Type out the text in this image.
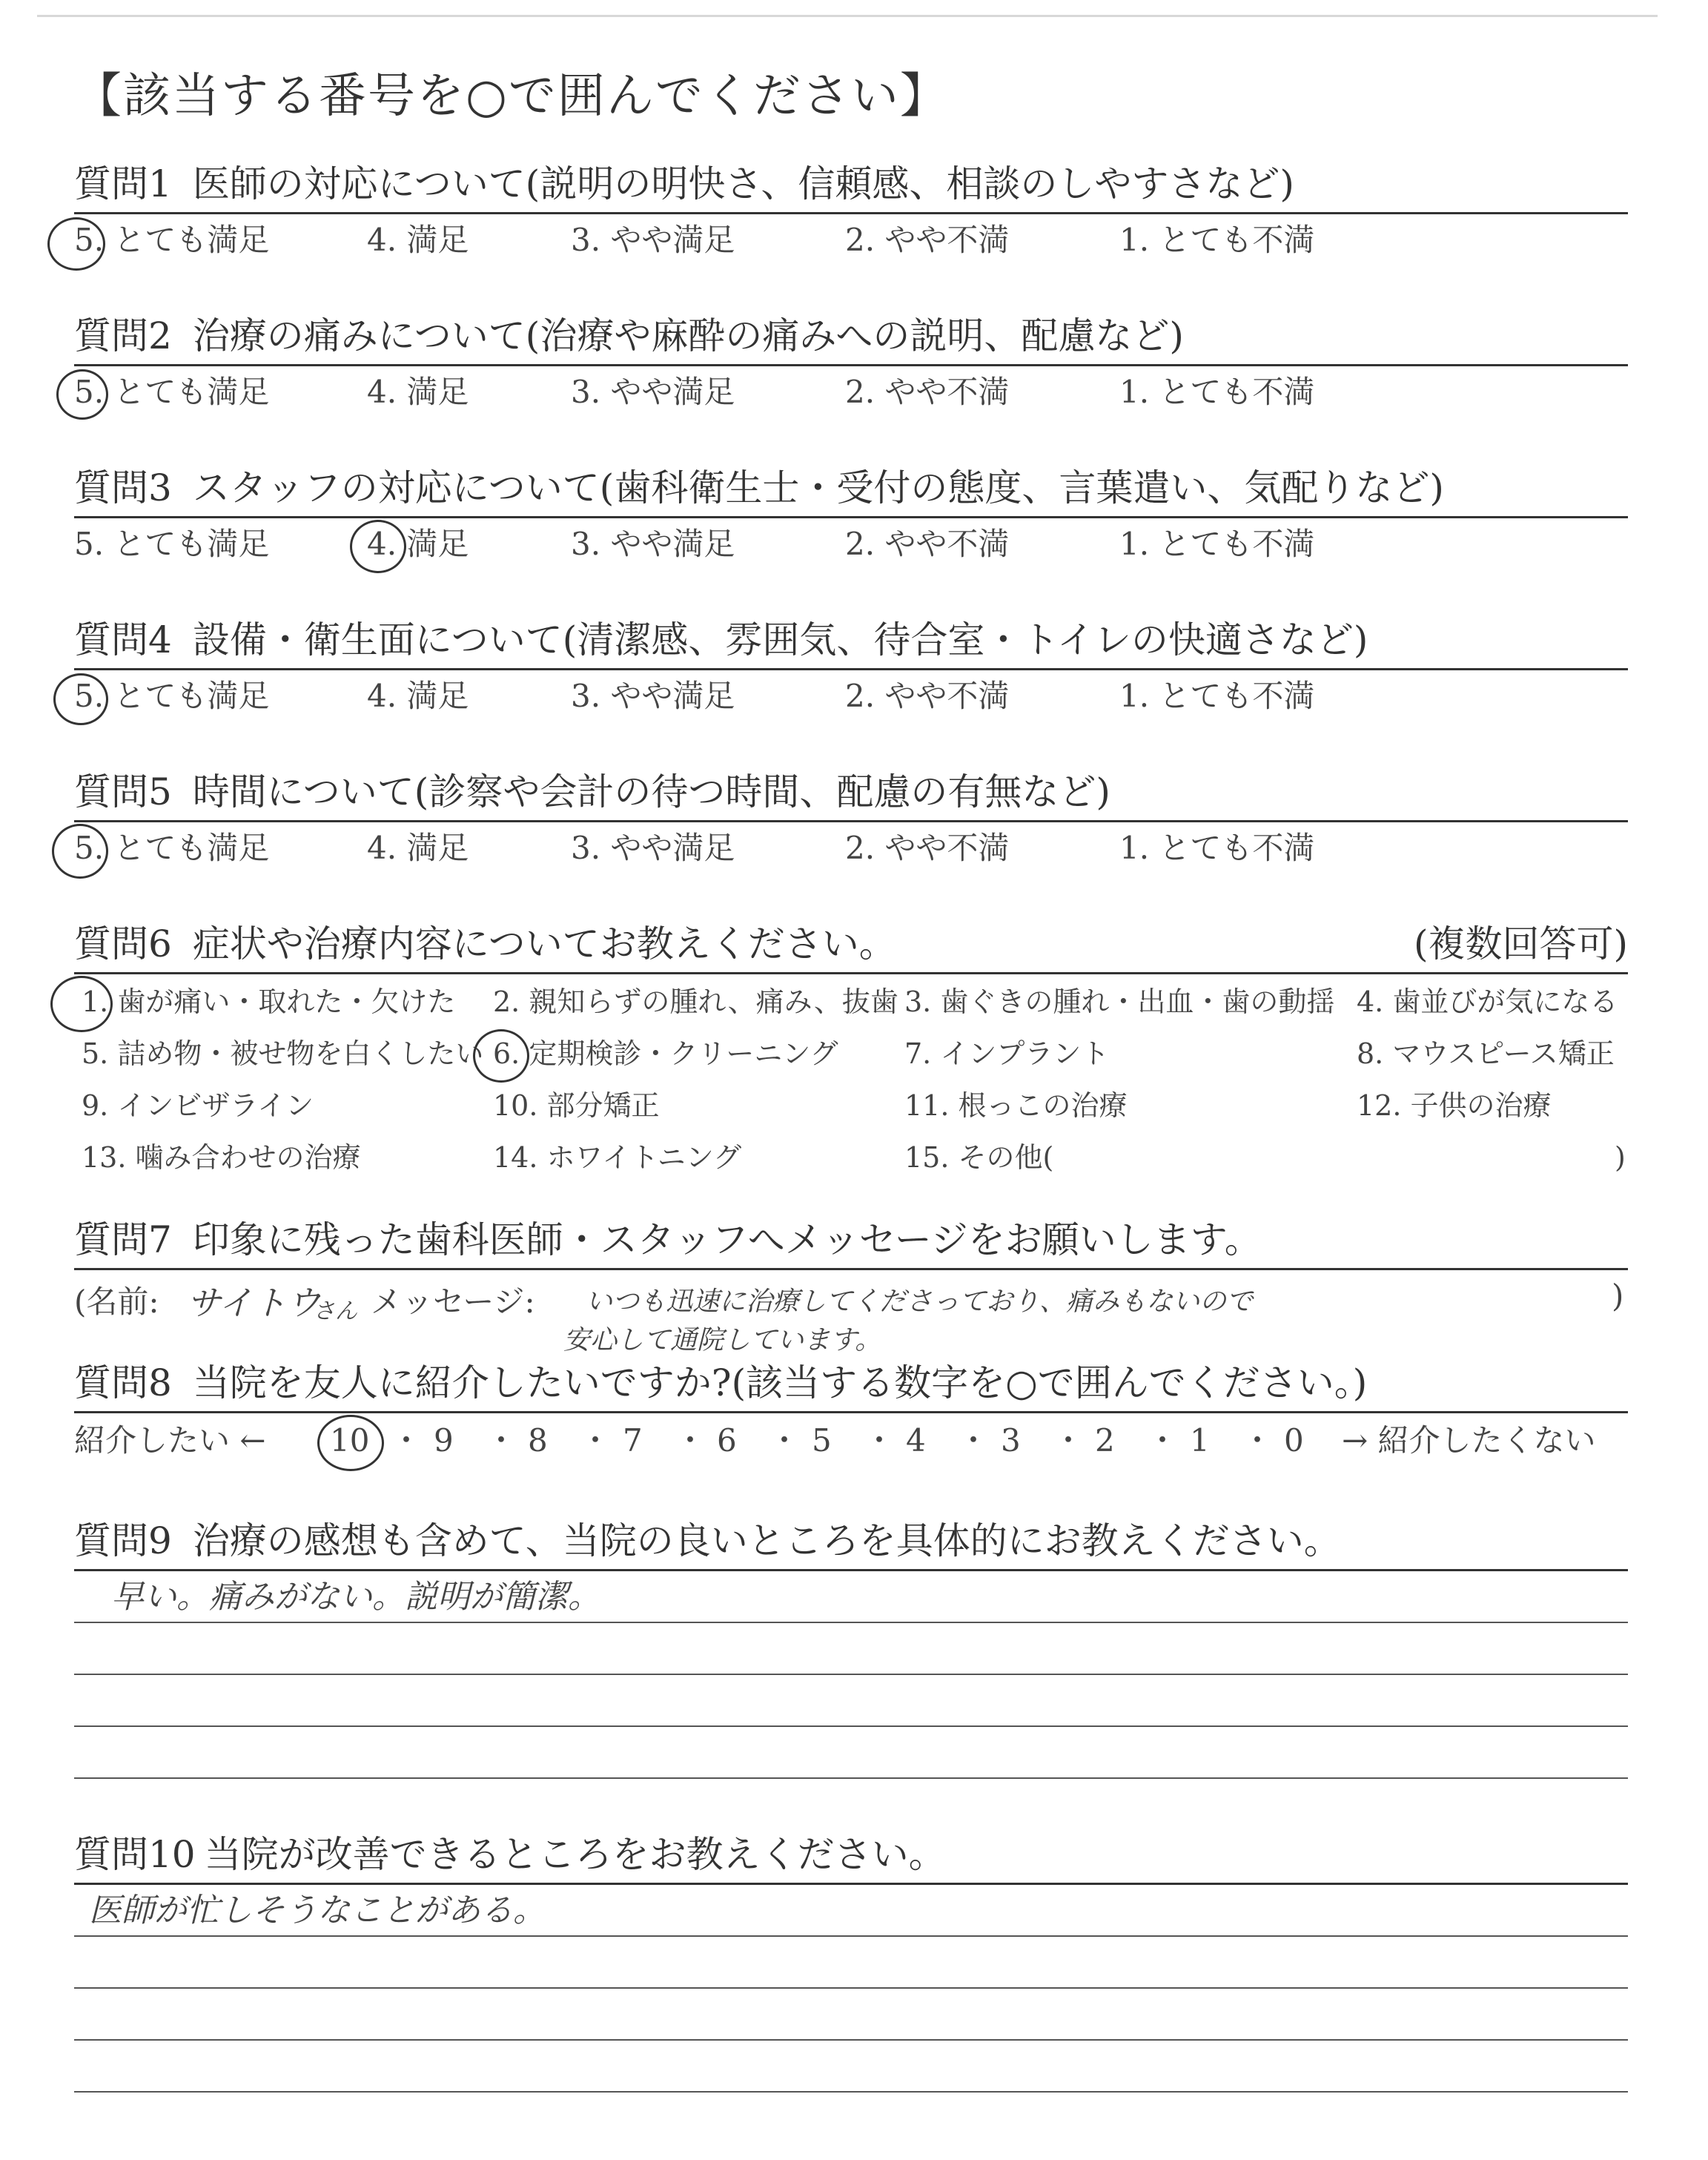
【該当する番号を○で囲んでください】
質問1 医師の対応について(説明の明快さ、信頼感、相談のしやすさなど)
5. とても満足	4. 満足	3. やや満足	2. やや不満	1. とても不満
質問2 治療の痛みについて(治療や麻酔の痛みへの説明、配慮など)
5. とても満足	4. 満足	3. やや満足	2. やや不満	1. とても不満
質問3 スタッフの対応について(歯科衛生士・受付の態度、言葉遣い、気配りなど)
5. とても満足	4. 満足	3. やや満足	2. やや不満	1. とても不満
質問4 設備・衛生面について(清潔感、雰囲気、待合室・トイレの快適さなど)
5. とても満足	4. 満足	3. やや満足	2. やや不満	1. とても不満
質問5 時間について(診察や会計の待つ時間、配慮の有無など)
5. とても満足	4. 満足	3. やや満足	2. やや不満	1. とても不満
質問6 症状や治療内容についてお教えください。	(複数回答可)
1. 歯が痛い・取れた・欠けた 2. 親知らずの腫れ、痛み、抜歯 3. 歯ぐきの腫れ・出血・歯の動揺 4. 歯並びが気になる
5. 詰め物・被せ物を白くしたい 6. 定期検診・クリーニング 7. インプラント	8. マウスピース矯正
9. インビザライン	10. 部分矯正	11. 根っこの治療	12. 子供の治療
13. 噛み合わせの治療	14. ホワイトニング	15. その他(	)
質問7 印象に残った歯科医師・スタッフへメッセージをお願いします。
(名前: サイトウ
さん メッセージ: いつも迅速に治療してくださっており、痛みもないので
安心して通院しています。
)
質問8 当院を友人に紹介したいですか?(該当する数字を○で囲んでください。)
紹介したい ← 10 ・ 9 ・ 8 ・ 7 ・ 6 ・ 5 ・ 4 ・ 3 ・ 2 ・ 1 ・ 0 → 紹介したくない
質問9 治療の感想も含めて、当院の良いところを具体的にお教えください。
早い。痛みがない。説明が簡潔。
質問10 当院が改善できるところをお教えください。
医師が忙しそうなことがある。
